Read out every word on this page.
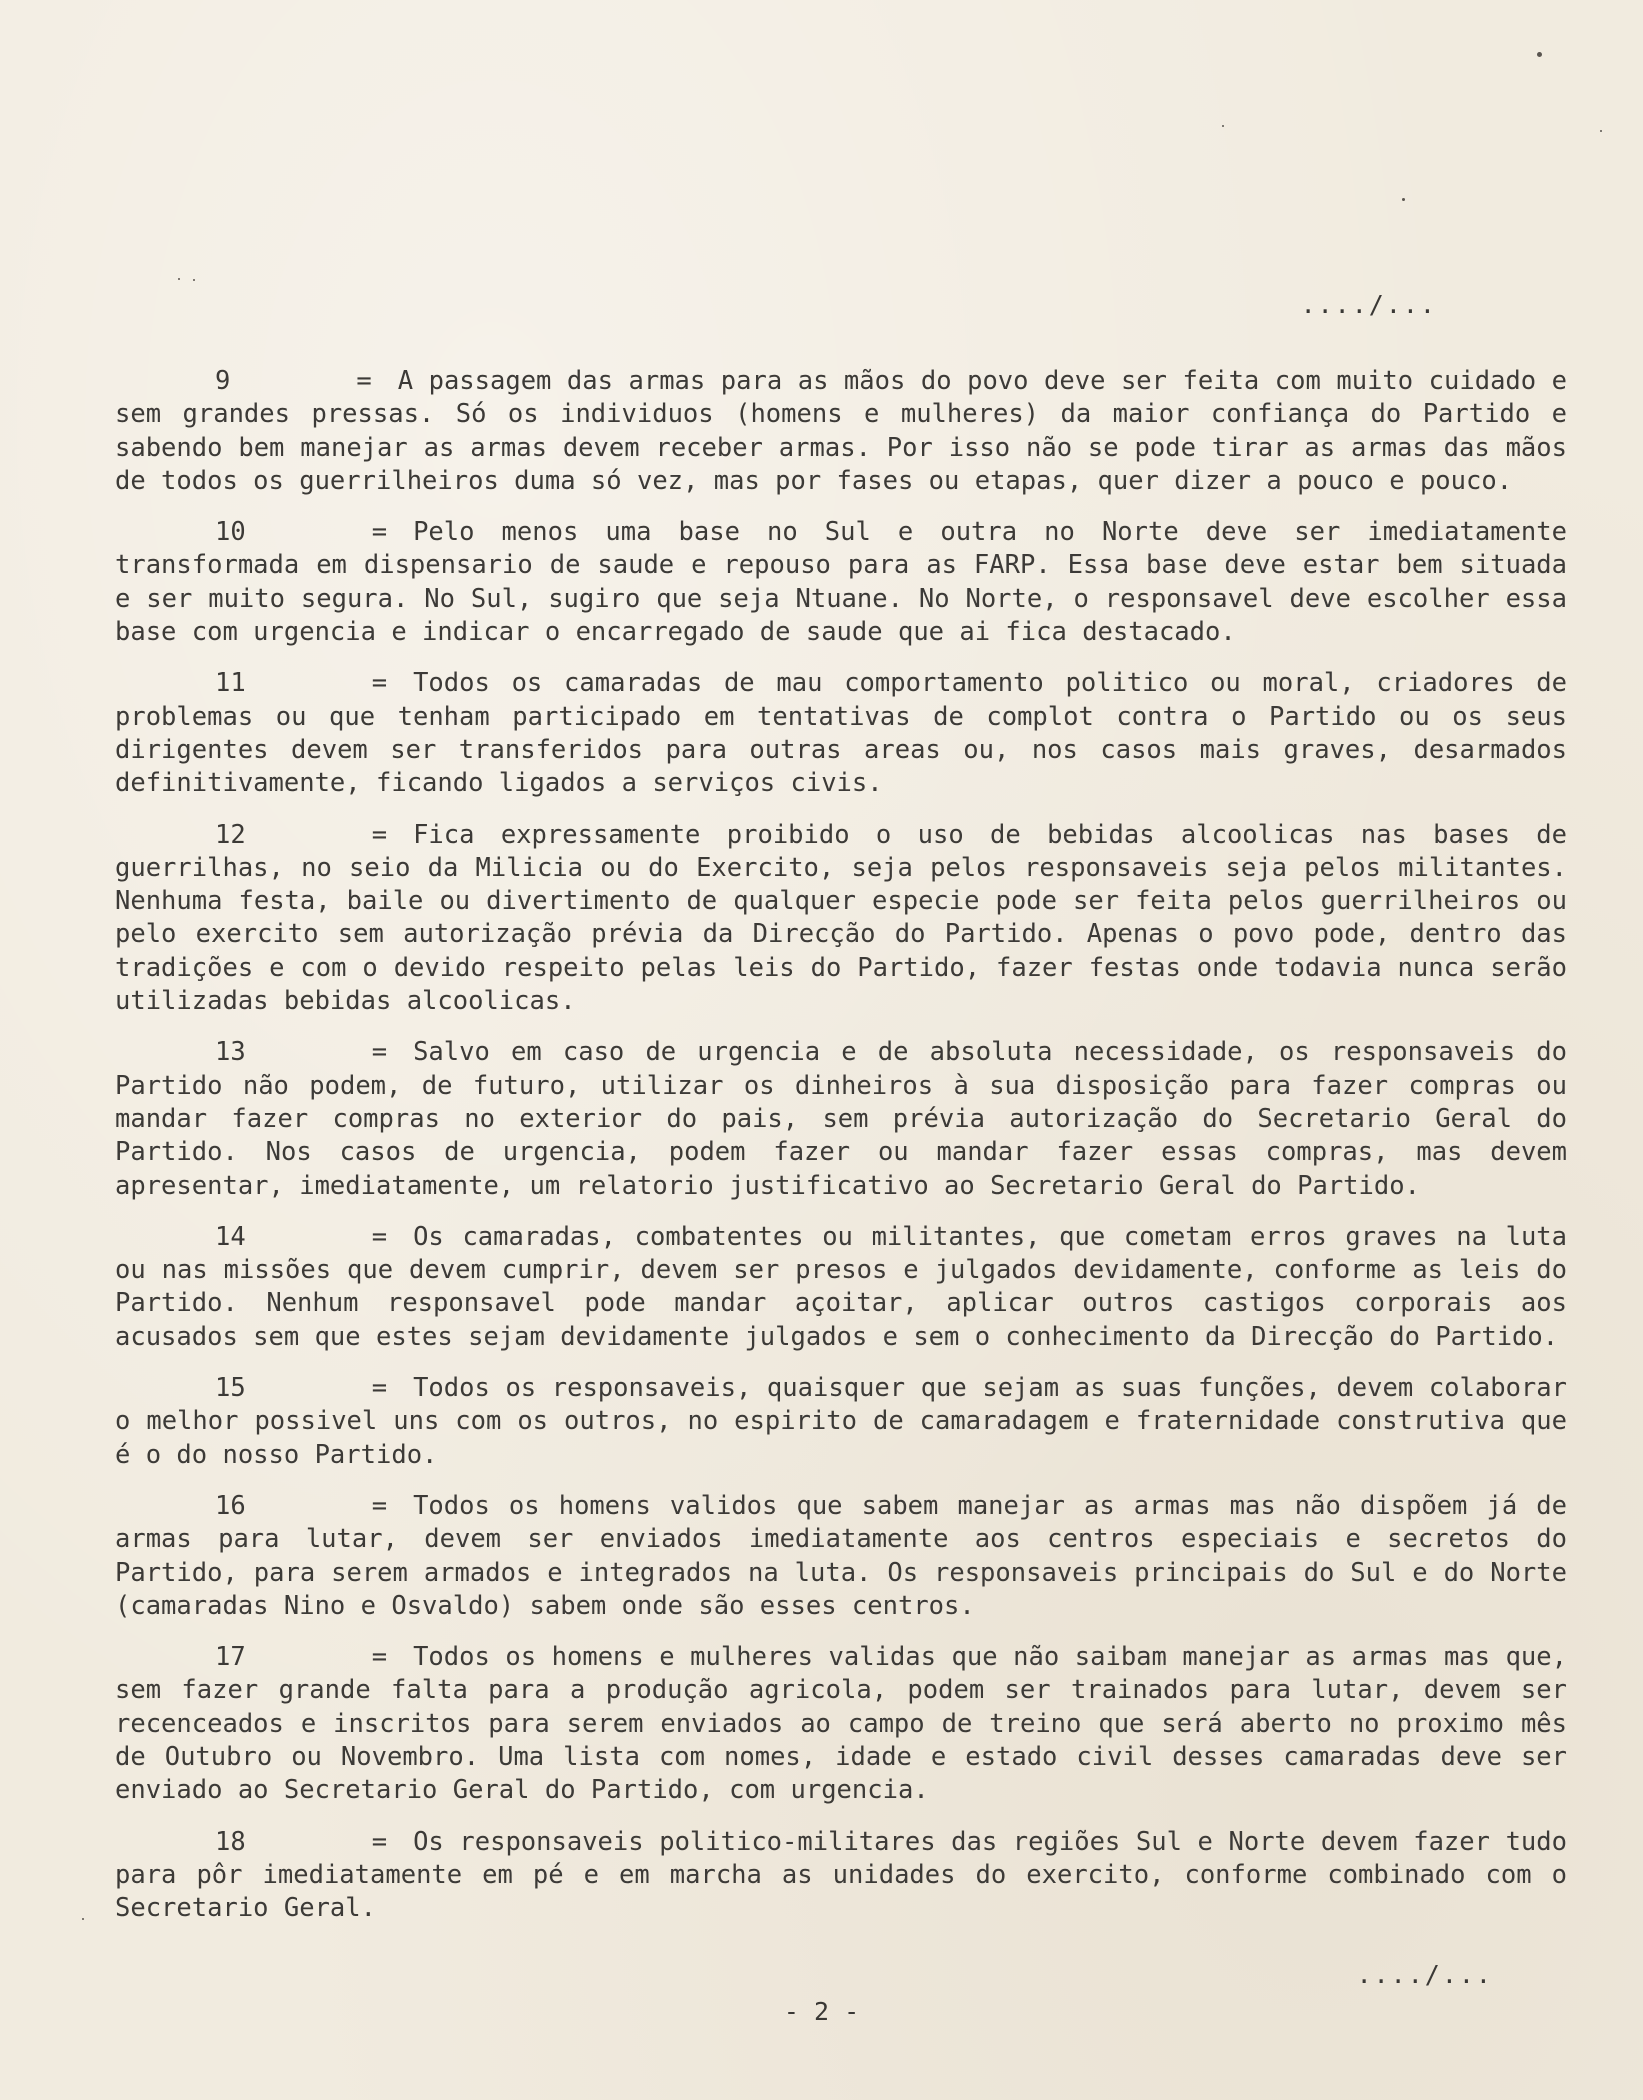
..../...

9	= A passagem das armas para as mãos do povo deve ser feita com muito cuidado e sem grandes pressas. Só os individuos (homens e mulheres) da maior confiança do Partido e sabendo bem manejar as armas devem receber armas. Por isso não se pode tirar as armas das mãos de todos os guerrilheiros duma só vez, mas por fases ou etapas, quer dizer a pouco e pouco.

10	= Pelo menos uma base no Sul e outra no Norte deve ser imediatamente transformada em dispensario de saude e repouso para as FARP. Essa base deve estar bem situada e ser muito segura. No Sul, sugiro que seja Ntuane. No Norte, o responsavel deve escolher essa base com urgencia e indicar o encarregado de saude que ai fica destacado.

11	= Todos os camaradas de mau comportamento politico ou moral, criadores de problemas ou que tenham participado em tentativas de complot contra o Partido ou os seus dirigentes devem ser transferidos para outras areas ou, nos casos mais graves, desarmados definitivamente, ficando ligados a serviços civis.

12	= Fica expressamente proibido o uso de bebidas alcoolicas nas bases de guerrilhas, no seio da Milicia ou do Exercito, seja pelos responsaveis seja pelos militantes. Nenhuma festa, baile ou divertimento de qualquer especie pode ser feita pelos guerrilheiros ou pelo exercito sem autorização prévia da Direcção do Partido. Apenas o povo pode, dentro das tradições e com o devido respeito pelas leis do Partido, fazer festas onde todavia nunca serão utilizadas bebidas alcoolicas.

13	= Salvo em caso de urgencia e de absoluta necessidade, os responsaveis do Partido não podem, de futuro, utilizar os dinheiros à sua disposição para fazer compras ou mandar fazer compras no exterior do pais, sem prévia autorização do Secretario Geral do Partido. Nos casos de urgencia, podem fazer ou mandar fazer essas compras, mas devem apresentar, imediatamente, um relatorio justificativo ao Secretario Geral do Partido.

14	= Os camaradas, combatentes ou militantes, que cometam erros graves na luta ou nas missões que devem cumprir, devem ser presos e julgados devidamente, conforme as leis do Partido. Nenhum responsavel pode mandar açoitar, aplicar outros castigos corporais aos acusados sem que estes sejam devidamente julgados e sem o conhecimento da Direcção do Partido.

15	= Todos os responsaveis, quaisquer que sejam as suas funções, devem colaborar o melhor possivel uns com os outros, no espirito de camaradagem e fraternidade construtiva que é o do nosso Partido.

16	= Todos os homens validos que sabem manejar as armas mas não dispõem já de armas para lutar, devem ser enviados imediatamente aos centros especiais e secretos do Partido, para serem armados e integrados na luta. Os responsaveis principais do Sul e do Norte (camaradas Nino e Osvaldo) sabem onde são esses centros.

17	= Todos os homens e mulheres validas que não saibam manejar as armas mas que, sem fazer grande falta para a produção agricola, podem ser trainados para lutar, devem ser recenceados e inscritos para serem enviados ao campo de treino que será aberto no proximo mês de Outubro ou Novembro. Uma lista com nomes, idade e estado civil desses camaradas deve ser enviado ao Secretario Geral do Partido, com urgencia.

18	= Os responsaveis politico-militares das regiões Sul e Norte devem fazer tudo para pôr imediatamente em pé e em marcha as unidades do exercito, conforme combinado com o Secretario Geral.

..../...
- 2 -
